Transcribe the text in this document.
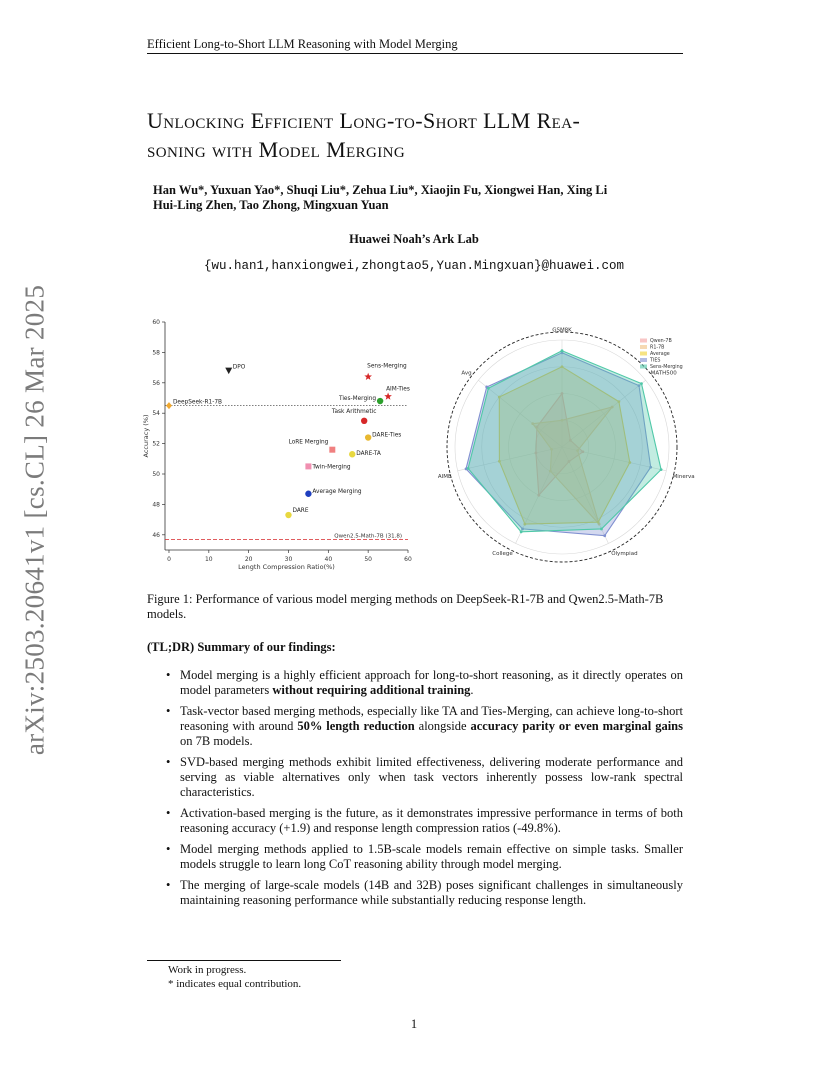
Efficient Long-to-Short LLM Reasoning with Model Merging
Unlocking Efficient Long-to-Short LLM Rea-
soning with Model Merging
Han Wu*, Yuxuan Yao*, Shuqi Liu*, Zehua Liu*, Xiaojin Fu, Xiongwei Han, Xing Li
Hui-Ling Zhen, Tao Zhong, Mingxuan Yuan
Huawei Noah’s Ark Lab
{wu.han1,hanxiongwei,zhongtao5,Yuan.Mingxuan}@huawei.com
arXiv:2503.20641v1 [cs.CL] 26 Mar 2025	0	10	20	30	40	50	60
46
48
50
52
54
56
58
60
Length Compression Ratio(%)
Accuracy (%)
Qwen2.5-Math-7B (31.8)
DPO
DeepSeek-R1-7B
Sens-Merging
AIM-Ties
Ties-Merging
Task Arithmetic
DARE-Ties
LoRE Merging
DARE-TA
Twin-Merging
Average Merging
DARE
GSM8K
MATH500
Minerva
Olympiad
College
AIME
Avg.
Qwen-7B
R1-7B
Average
TIES
Sens-Merging
Figure 1: Performance of various model merging methods on DeepSeek-R1-7B and Qwen2.5-Math-7B models.
(TL;DR) Summary of our findings:
• Model merging is a highly efficient approach for long-to-short reasoning, as it directly operates on model parameters without requiring additional training.
• Task-vector based merging methods, especially like TA and Ties-Merging, can achieve long-to-short reasoning with around 50% length reduction alongside accuracy parity or even marginal gains on 7B models.
• SVD-based merging methods exhibit limited effectiveness, delivering moderate performance and serving as viable alternatives only when task vectors inherently possess low-rank spectral characteristics.
• Activation-based merging is the future, as it demonstrates impressive performance in terms of both reasoning accuracy (+1.9) and response length compression ratios (-49.8%).
• Model merging methods applied to 1.5B-scale models remain effective on simple tasks. Smaller models struggle to learn long CoT reasoning ability through model merging.
• The merging of large-scale models (14B and 32B) poses significant challenges in simultaneously maintaining reasoning performance while substantially reducing response length.
Work in progress.
* indicates equal contribution.
1
